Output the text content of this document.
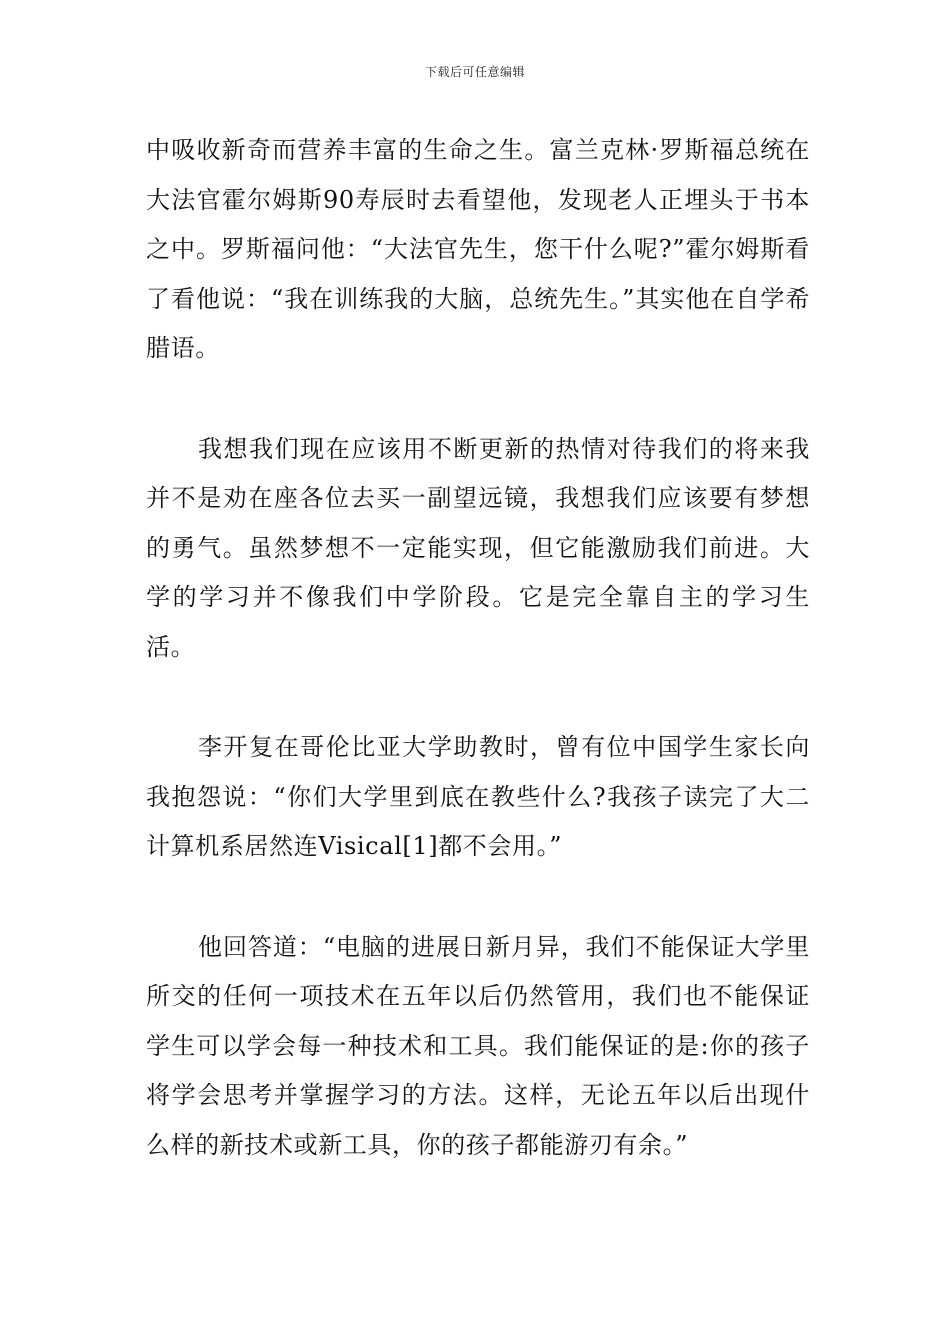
下载后可任意编辑

中吸收新奇而营养丰富的生命之生。富兰克林·罗斯福总统在大法官霍尔姆斯90寿辰时去看望他，发现老人正埋头于书本之中。罗斯福问他：“大法官先生，您干什么呢?”霍尔姆斯看了看他说：“我在训练我的大脑，总统先生。”其实他在自学希腊语。

我想我们现在应该用不断更新的热情对待我们的将来我并不是劝在座各位去买一副望远镜，我想我们应该要有梦想的勇气。虽然梦想不一定能实现，但它能激励我们前进。大学的学习并不像我们中学阶段。它是完全靠自主的学习生活。

李开复在哥伦比亚大学助教时，曾有位中国学生家长向我抱怨说：“你们大学里到底在教些什么?我孩子读完了大二计算机系居然连Visical[1]都不会用。”

他回答道：“电脑的进展日新月异，我们不能保证大学里所交的任何一项技术在五年以后仍然管用，我们也不能保证学生可以学会每一种技术和工具。我们能保证的是:你的孩子将学会思考并掌握学习的方法。这样，无论五年以后出现什么样的新技术或新工具，你的孩子都能游刃有余。”
